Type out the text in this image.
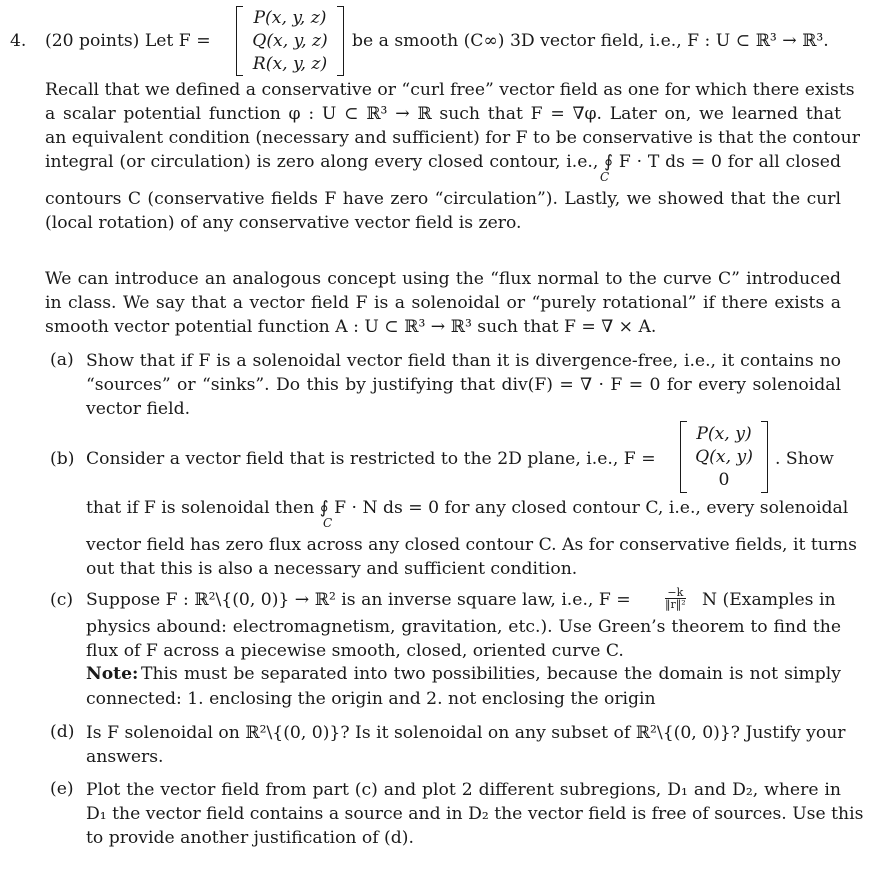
4. (20 points) Let F =
P(x, y, z)
Q(x, y, z)
R(x, y, z)
be a smooth (C∞) 3D vector field, i.e., F : U ⊂ ℝ³ → ℝ³.
Recall that we defined a conservative or “curl free” vector field as one for which there exists
a scalar potential function φ : U ⊂ ℝ³ → ℝ such that F = ∇φ. Later on, we learned that
an equivalent condition (necessary and sufficient) for F to be conservative is that the contour
integral (or circulation) is zero along every closed contour, i.e., ∮ F · T ds = 0 for all closed
C
contours C (conservative fields F have zero “circulation”). Lastly, we showed that the curl
(local rotation) of any conservative vector field is zero.
We can introduce an analogous concept using the “flux normal to the curve C” introduced
in class. We say that a vector field F is a solenoidal or “purely rotational” if there exists a
smooth vector potential function A : U ⊂ ℝ³ → ℝ³ such that F = ∇ × A.
(a) Show that if F is a solenoidal vector field than it is divergence-free, i.e., it contains no
“sources” or “sinks”. Do this by justifying that div(F) = ∇ · F = 0 for every solenoidal
vector field.
(b) Consider a vector field that is restricted to the 2D plane, i.e., F =
P(x, y)
Q(x, y)
0
. Show
that if F is solenoidal then ∮ F · N ds = 0 for any closed contour C, i.e., every solenoidal
C
vector field has zero flux across any closed contour C. As for conservative fields, it turns
out that this is also a necessary and sufficient condition.
(c) Suppose F : ℝ²\{(0, 0)} → ℝ² is an inverse square law, i.e., F =	$\frac{-k}{\text{‖r‖²}}$ N (Examples in
physics abound: electromagnetism, gravitation, etc.). Use Green’s theorem to find the
flux of F across a piecewise smooth, closed, oriented curve C.
Note: This must be separated into two possibilities, because the domain is not simply
connected: 1. enclosing the origin and 2. not enclosing the origin
(d) Is F solenoidal on ℝ²\{(0, 0)}? Is it solenoidal on any subset of ℝ²\{(0, 0)}? Justify your
answers.
(e) Plot the vector field from part (c) and plot 2 different subregions, D₁ and D₂, where in
D₁ the vector field contains a source and in D₂ the vector field is free of sources. Use this
to provide another justification of (d).
